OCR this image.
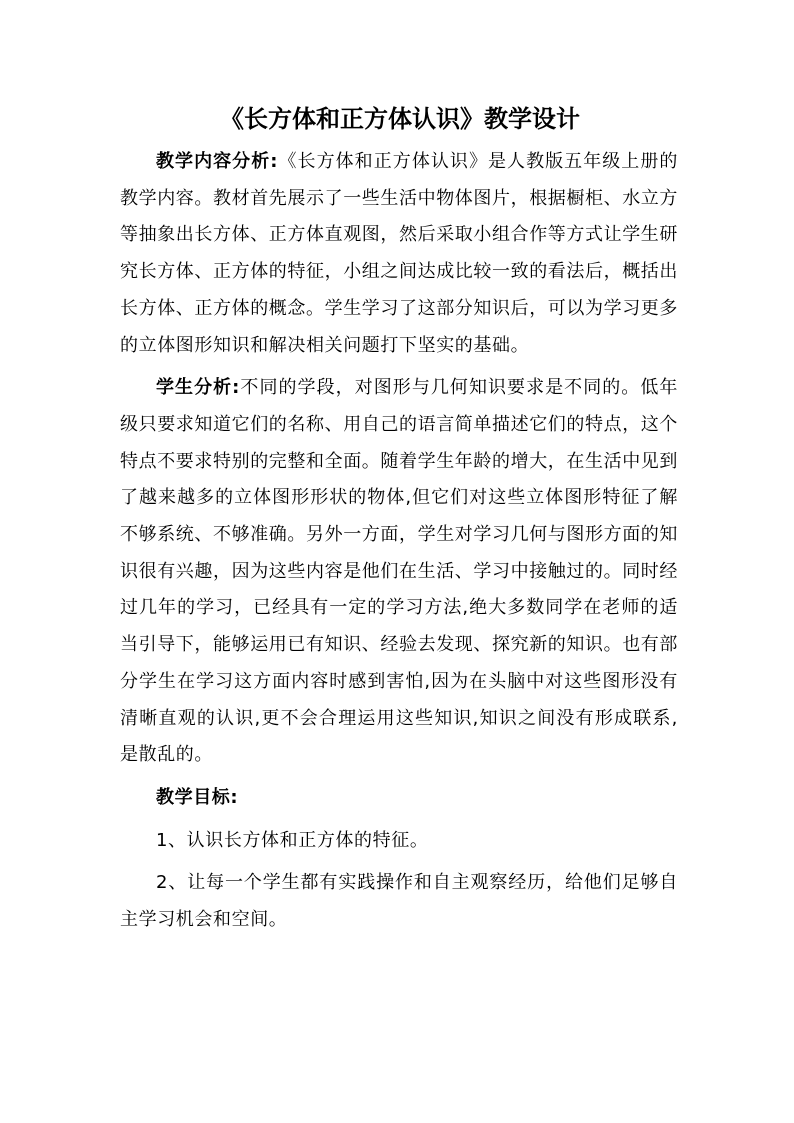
《长方体和正方体认识》教学设计

教学内容分析:《长方体和正方体认识》是人教版五年级上册的教学内容。教材首先展示了一些生活中物体图片，根据橱柜、水立方等抽象出长方体、正方体直观图，然后采取小组合作等方式让学生研究长方体、正方体的特征，小组之间达成比较一致的看法后，概括出长方体、正方体的概念。学生学习了这部分知识后，可以为学习更多的立体图形知识和解决相关问题打下坚实的基础。

学生分析:不同的学段，对图形与几何知识要求是不同的。低年级只要求知道它们的名称、用自己的语言简单描述它们的特点，这个特点不要求特别的完整和全面。随着学生年龄的增大，在生活中见到了越来越多的立体图形形状的物体,但它们对这些立体图形特征了解不够系统、不够准确。另外一方面，学生对学习几何与图形方面的知识很有兴趣，因为这些内容是他们在生活、学习中接触过的。同时经过几年的学习，已经具有一定的学习方法,绝大多数同学在老师的适当引导下，能够运用已有知识、经验去发现、探究新的知识。也有部分学生在学习这方面内容时感到害怕,因为在头脑中对这些图形没有清晰直观的认识,更不会合理运用这些知识,知识之间没有形成联系,是散乱的。

教学目标:

1、认识长方体和正方体的特征。

2、让每一个学生都有实践操作和自主观察经历，给他们足够自主学习机会和空间。
